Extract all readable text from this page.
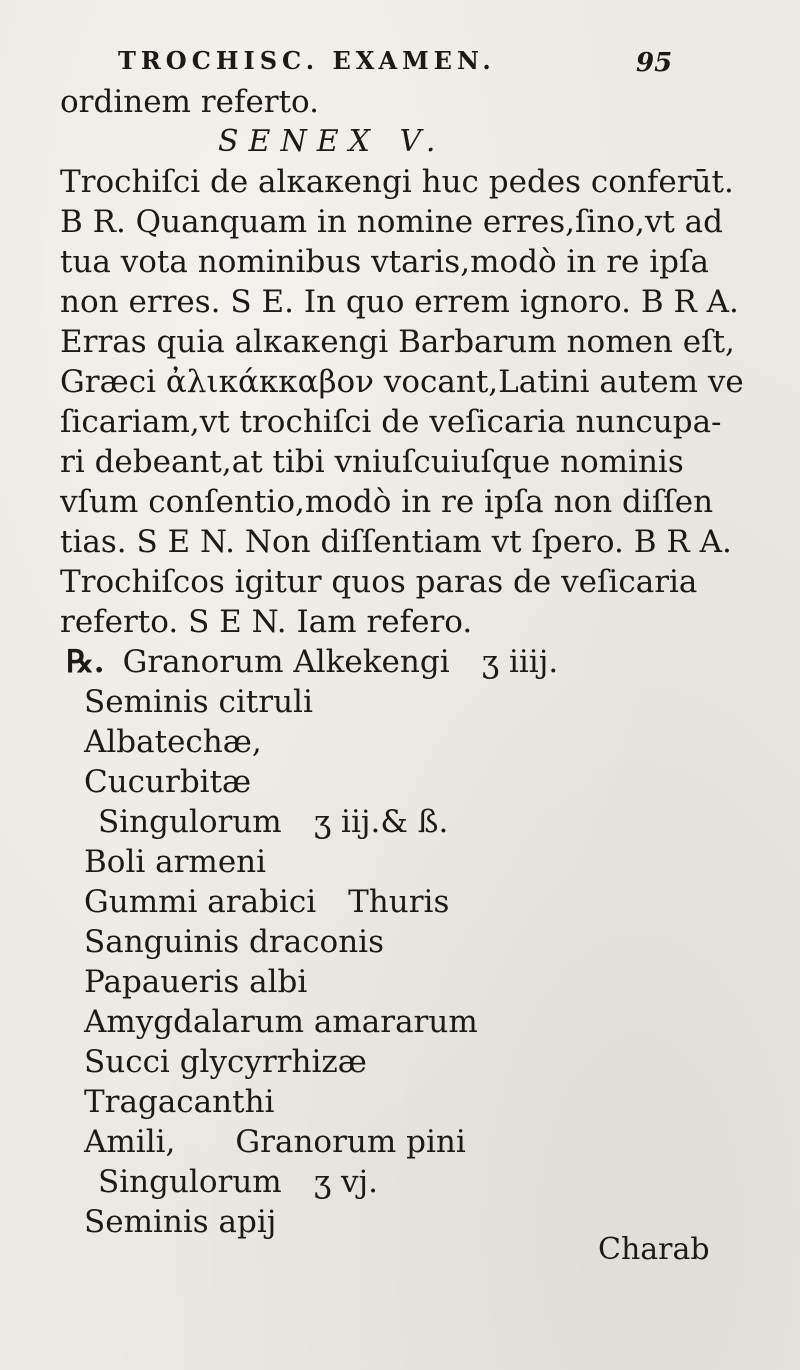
TROCHISC. EXAMEN.	95
ordinem referto.
SENEX V.
Trochiſci de alκaκengi huc pedes conferūt.
B R. Quanquam in nomine erres,ſino,vt ad
tua vota nominibus vtaris,modò in re ipſa
non erres. S E. In quo errem ignoro. B R A.
Erras quia alκaκengi Barbarum nomen eſt,
Græci ἀλικάκκαβον vocant,Latini autem ve
ſicariam,vt trochiſci de veſicaria nuncupa-
ri debeant,at tibi vniuſcuiuſque nominis
vſum conſentio,modò in re ipſa non diſſen
tias. S E N. Non diſſentiam vt ſpero. B R A.
Trochiſcos igitur quos paras de veſicaria
referto. S E N. Iam refero.
℞. Granorum Alkekengi ʒ iiij.
Seminis citruli
Albatechæ,
Cucurbitæ
Singulorum ʒ iij.& ß.
Boli armeni
Gummi arabici Thuris
Sanguinis draconis
Papaueris albi
Amygdalarum amararum
Succi glycyrrhizæ
Tragacanthi
Amili, Granorum pini
Singulorum ʒ vj.
Seminis apij
Charab
